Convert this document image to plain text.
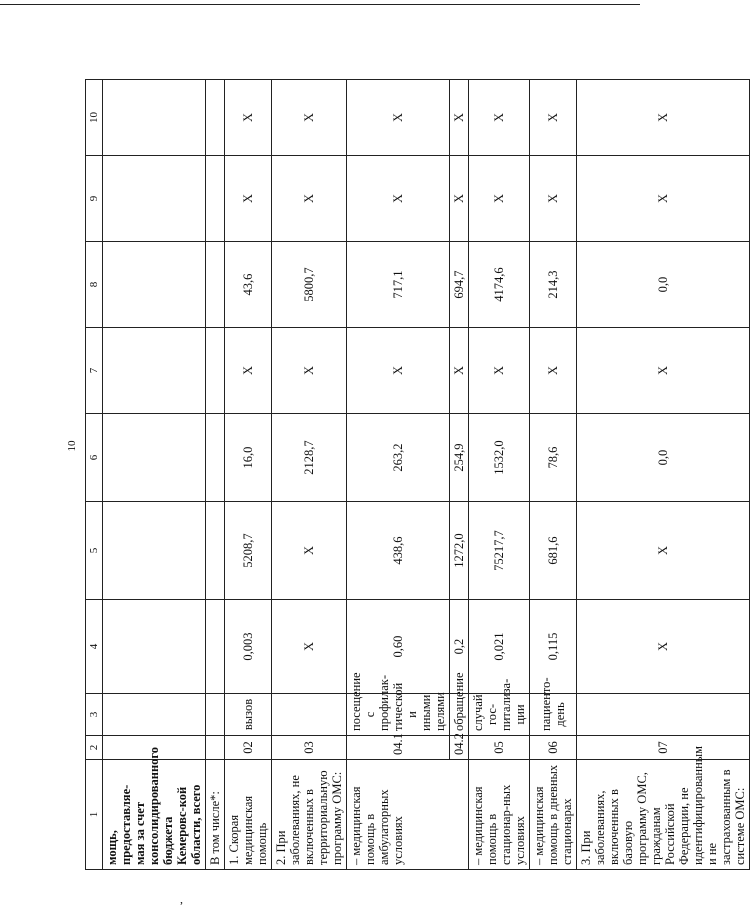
10
1	2	3	4	5	6	7	8	9	10
мощь, предоставляе-мая за счет консолидированного бюджета Кемеровс-кой области, всего									
В том числе*:									
1. Скорая медицинская помощь	02	вызов	0,003	5208,7	16,0	X	43,6	X	X
2. При заболеваниях, не включенных в территориальную программу ОМС:	03		X	X	2128,7	X	5800,7	X	X
– медицинская помощь в амбулаторных условиях	04.1	посещение с профилак-тической и иными целями	0,60	438,6	263,2	X	717,1	X	X
	04.2	обращение	0,2	1272,0	254,9	X	694,7	X	X
– медицинская помощь в стационар-ных условиях	05	случай гос-питализа-ции	0,021	75217,7	1532,0	X	4174,6	X	X
– медицинская помощь в дневных стационарах	06	пациенто-день	0,115	681,6	78,6	X	214,3	X	X
3. При заболеваниях, включенных в базовую программу ОМС, гражданам Российской Федерации, не идентифицированным и не застрахованным в системе ОМС:	07		X	X	0,0	X	0,0	X	X
,
